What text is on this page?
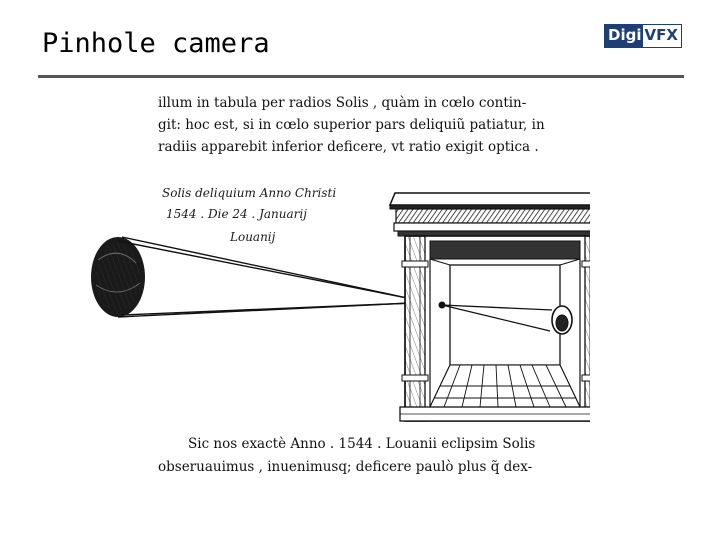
Pinhole camera	Digi VFX
illum in tabula per radios Solis , quàm in cœlo contin-
git: hoc est, si in cœlo superior pars deliquiũ patiatur, in
radiis apparebit inferior deficere, vt ratio exigit optica .
Solis deliquium Anno Christi
1544 . Die 24 . Januarij
Louanij
Sic nos exactè Anno . 1544 . Louanii eclipsim Solis
obseruauimus , inuenimusq; deficere paulò plus q̃ dex-
